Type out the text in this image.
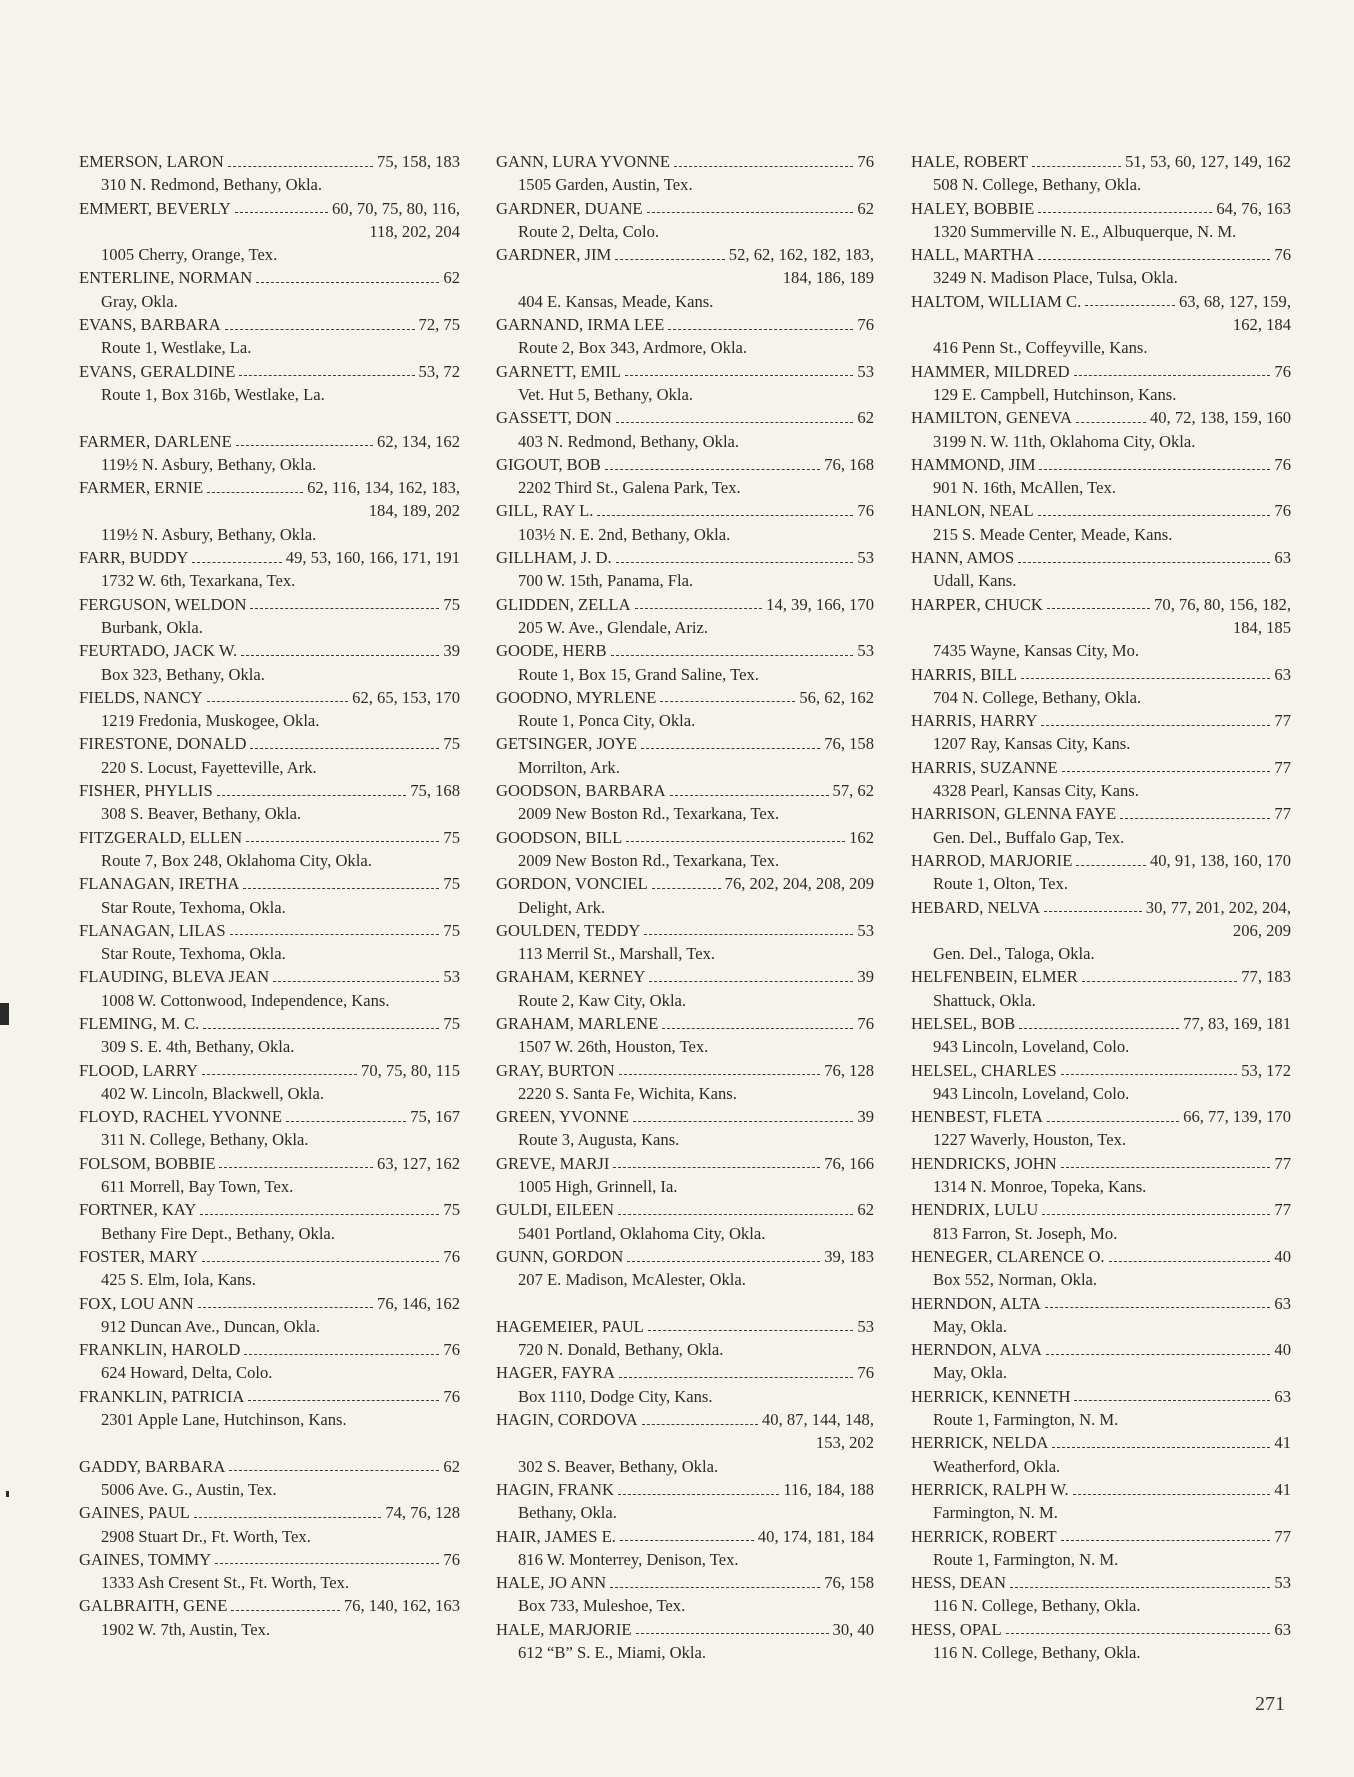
EMERSON, LARON	75, 158, 183
310 N. Redmond, Bethany, Okla.
EMMERT, BEVERLY	60, 70, 75, 80, 116,
118, 202, 204
1005 Cherry, Orange, Tex.
ENTERLINE, NORMAN	62
Gray, Okla.
EVANS, BARBARA	72, 75
Route 1, Westlake, La.
EVANS, GERALDINE	53, 72
Route 1, Box 316b, Westlake, La.
FARMER, DARLENE	62, 134, 162
119½ N. Asbury, Bethany, Okla.
FARMER, ERNIE	62, 116, 134, 162, 183,
184, 189, 202
119½ N. Asbury, Bethany, Okla.
FARR, BUDDY	49, 53, 160, 166, 171, 191
1732 W. 6th, Texarkana, Tex.
FERGUSON, WELDON	75
Burbank, Okla.
FEURTADO, JACK W.	39
Box 323, Bethany, Okla.
FIELDS, NANCY	62, 65, 153, 170
1219 Fredonia, Muskogee, Okla.
FIRESTONE, DONALD	75
220 S. Locust, Fayetteville, Ark.
FISHER, PHYLLIS	75, 168
308 S. Beaver, Bethany, Okla.
FITZGERALD, ELLEN	75
Route 7, Box 248, Oklahoma City, Okla.
FLANAGAN, IRETHA	75
Star Route, Texhoma, Okla.
FLANAGAN, LILAS	75
Star Route, Texhoma, Okla.
FLAUDING, BLEVA JEAN	53
1008 W. Cottonwood, Independence, Kans.
FLEMING, M. C.	75
309 S. E. 4th, Bethany, Okla.
FLOOD, LARRY	70, 75, 80, 115
402 W. Lincoln, Blackwell, Okla.
FLOYD, RACHEL YVONNE	75, 167
311 N. College, Bethany, Okla.
FOLSOM, BOBBIE	63, 127, 162
611 Morrell, Bay Town, Tex.
FORTNER, KAY	75
Bethany Fire Dept., Bethany, Okla.
FOSTER, MARY	76
425 S. Elm, Iola, Kans.
FOX, LOU ANN	76, 146, 162
912 Duncan Ave., Duncan, Okla.
FRANKLIN, HAROLD	76
624 Howard, Delta, Colo.
FRANKLIN, PATRICIA	76
2301 Apple Lane, Hutchinson, Kans.
GADDY, BARBARA	62
5006 Ave. G., Austin, Tex.
GAINES, PAUL	74, 76, 128
2908 Stuart Dr., Ft. Worth, Tex.
GAINES, TOMMY	76
1333 Ash Cresent St., Ft. Worth, Tex.
GALBRAITH, GENE	76, 140, 162, 163
1902 W. 7th, Austin, Tex.
GANN, LURA YVONNE	76
1505 Garden, Austin, Tex.
GARDNER, DUANE	62
Route 2, Delta, Colo.
GARDNER, JIM	52, 62, 162, 182, 183,
184, 186, 189
404 E. Kansas, Meade, Kans.
GARNAND, IRMA LEE	76
Route 2, Box 343, Ardmore, Okla.
GARNETT, EMIL	53
Vet. Hut 5, Bethany, Okla.
GASSETT, DON	62
403 N. Redmond, Bethany, Okla.
GIGOUT, BOB	76, 168
2202 Third St., Galena Park, Tex.
GILL, RAY L.	76
103½ N. E. 2nd, Bethany, Okla.
GILLHAM, J. D.	53
700 W. 15th, Panama, Fla.
GLIDDEN, ZELLA	14, 39, 166, 170
205 W. Ave., Glendale, Ariz.
GOODE, HERB	53
Route 1, Box 15, Grand Saline, Tex.
GOODNO, MYRLENE	56, 62, 162
Route 1, Ponca City, Okla.
GETSINGER, JOYE	76, 158
Morrilton, Ark.
GOODSON, BARBARA	57, 62
2009 New Boston Rd., Texarkana, Tex.
GOODSON, BILL	162
2009 New Boston Rd., Texarkana, Tex.
GORDON, VONCIEL	76, 202, 204, 208, 209
Delight, Ark.
GOULDEN, TEDDY	53
113 Merril St., Marshall, Tex.
GRAHAM, KERNEY	39
Route 2, Kaw City, Okla.
GRAHAM, MARLENE	76
1507 W. 26th, Houston, Tex.
GRAY, BURTON	76, 128
2220 S. Santa Fe, Wichita, Kans.
GREEN, YVONNE	39
Route 3, Augusta, Kans.
GREVE, MARJI	76, 166
1005 High, Grinnell, Ia.
GULDI, EILEEN	62
5401 Portland, Oklahoma City, Okla.
GUNN, GORDON	39, 183
207 E. Madison, McAlester, Okla.
HAGEMEIER, PAUL	53
720 N. Donald, Bethany, Okla.
HAGER, FAYRA	76
Box 1110, Dodge City, Kans.
HAGIN, CORDOVA	40, 87, 144, 148,
153, 202
302 S. Beaver, Bethany, Okla.
HAGIN, FRANK	116, 184, 188
Bethany, Okla.
HAIR, JAMES E.	40, 174, 181, 184
816 W. Monterrey, Denison, Tex.
HALE, JO ANN	76, 158
Box 733, Muleshoe, Tex.
HALE, MARJORIE	30, 40
612 “B” S. E., Miami, Okla.
HALE, ROBERT	51, 53, 60, 127, 149, 162
508 N. College, Bethany, Okla.
HALEY, BOBBIE	64, 76, 163
1320 Summerville N. E., Albuquerque, N. M.
HALL, MARTHA	76
3249 N. Madison Place, Tulsa, Okla.
HALTOM, WILLIAM C.	63, 68, 127, 159,
162, 184
416 Penn St., Coffeyville, Kans.
HAMMER, MILDRED	76
129 E. Campbell, Hutchinson, Kans.
HAMILTON, GENEVA	40, 72, 138, 159, 160
3199 N. W. 11th, Oklahoma City, Okla.
HAMMOND, JIM	76
901 N. 16th, McAllen, Tex.
HANLON, NEAL	76
215 S. Meade Center, Meade, Kans.
HANN, AMOS	63
Udall, Kans.
HARPER, CHUCK	70, 76, 80, 156, 182,
184, 185
7435 Wayne, Kansas City, Mo.
HARRIS, BILL	63
704 N. College, Bethany, Okla.
HARRIS, HARRY	77
1207 Ray, Kansas City, Kans.
HARRIS, SUZANNE	77
4328 Pearl, Kansas City, Kans.
HARRISON, GLENNA FAYE	77
Gen. Del., Buffalo Gap, Tex.
HARROD, MARJORIE	40, 91, 138, 160, 170
Route 1, Olton, Tex.
HEBARD, NELVA	30, 77, 201, 202, 204,
206, 209
Gen. Del., Taloga, Okla.
HELFENBEIN, ELMER	77, 183
Shattuck, Okla.
HELSEL, BOB	77, 83, 169, 181
943 Lincoln, Loveland, Colo.
HELSEL, CHARLES	53, 172
943 Lincoln, Loveland, Colo.
HENBEST, FLETA	66, 77, 139, 170
1227 Waverly, Houston, Tex.
HENDRICKS, JOHN	77
1314 N. Monroe, Topeka, Kans.
HENDRIX, LULU	77
813 Farron, St. Joseph, Mo.
HENEGER, CLARENCE O.	40
Box 552, Norman, Okla.
HERNDON, ALTA	63
May, Okla.
HERNDON, ALVA	40
May, Okla.
HERRICK, KENNETH	63
Route 1, Farmington, N. M.
HERRICK, NELDA	41
Weatherford, Okla.
HERRICK, RALPH W.	41
Farmington, N. M.
HERRICK, ROBERT	77
Route 1, Farmington, N. M.
HESS, DEAN	53
116 N. College, Bethany, Okla.
HESS, OPAL	63
116 N. College, Bethany, Okla.
271
